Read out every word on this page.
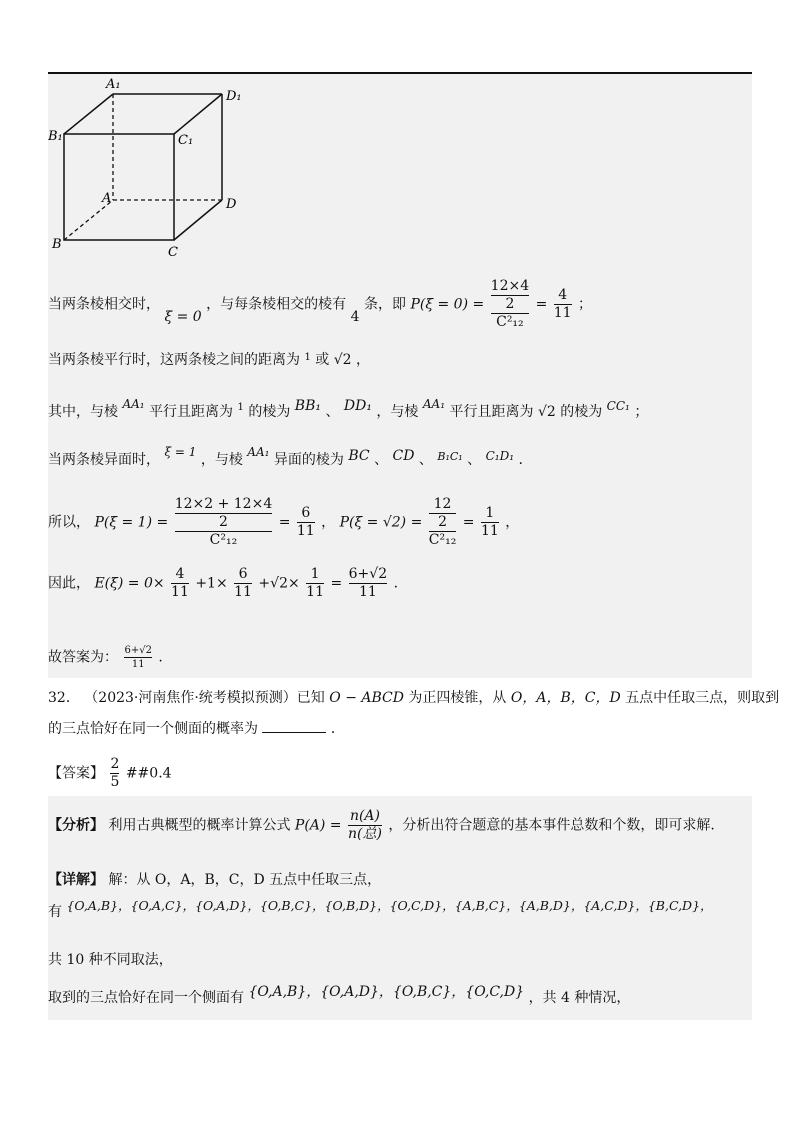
A₁
D₁
B₁	C₁
A	D
B
C
当两条棱相交时， ξ = 0 ，与每条棱相交的棱有 4 条，即 P(ξ = 0) =
12×4
2
C²₁₂
= $\frac{4}{11}$ ；
当两条棱平行时，这两条棱之间的距离为 $^1$ 或 √2 ，
其中，与棱 AA₁ 平行且距离为 $^1$ 的棱为 BB₁ 、 DD₁ ，与棱 AA₁ 平行且距离为 √2 的棱为 CC₁ ；
当两条棱异面时， ξ = 1 ，与棱 AA₁ 异面的棱为 BC 、 CD 、 $^{B_1C_1}$ 、 C₁D₁ .
所以， P(ξ = 1) =
12×2 + 12×4
2
C²₁₂
= $\frac{6}{11}$ ， P(ξ = √2) =
12
2
C²₁₂
= $\frac{1}{11}$ ，
因此， $E(\xi) = 0\times \frac{4}{11} +1\times \frac{6}{11} +√2\times \frac{1}{11} = \frac{6+√2}{11}$ .
故答案为： $\frac{6+√2}{11}$ .
32． （2023·河南焦作·统考模拟预测）已知 O − ABCD 为正四棱锥，从 O，A，B，C，D 五点中任取三点，则取到
的三点恰好在同一个侧面的概率为	．
【答案】 $\frac{2}{5}$ ##0.4
【分析】 利用古典概型的概率计算公式 $P(A) = \frac{n(A)}{\text{n(总)}}$ ，分析出符合题意的基本事件总数和个数，即可求解.
【详解】 解：从 O，A，B，C，D 五点中任取三点，
有 {O,A,B}，{O,A,C}，{O,A,D}，{O,B,C}，{O,B,D}，{O,C,D}，{A,B,C}，{A,B,D}，{A,C,D}，{B,C,D}，
共 10 种不同取法，
取到的三点恰好在同一个侧面有 {O,A,B}，{O,A,D}，{O,B,C}，{O,C,D} ，共 4 种情况，
